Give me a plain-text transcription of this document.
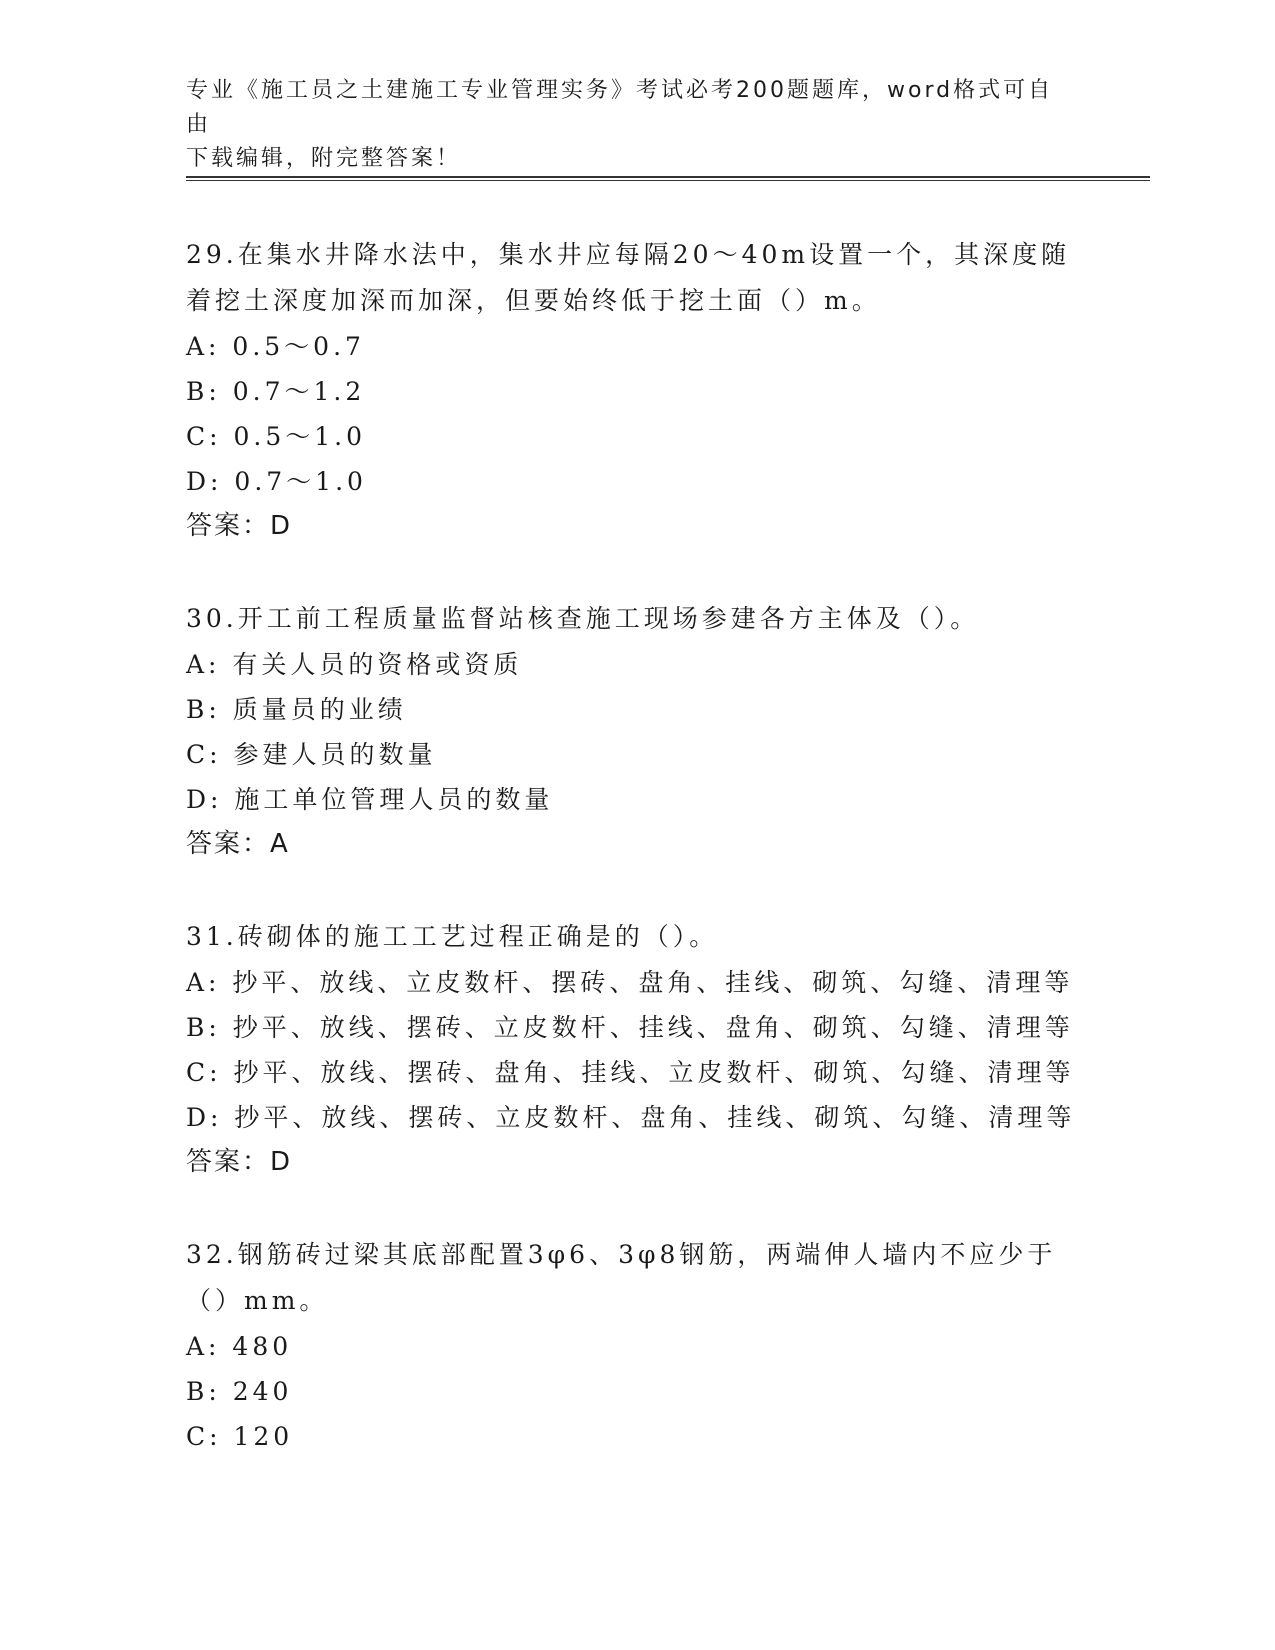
专业《施工员之土建施工专业管理实务》考试必考200题题库，word格式可自由
下载编辑，附完整答案！

29.在集水井降水法中，集水井应每隔20～40m设置一个，其深度随着挖土深度加深而加深，但要始终低于挖土面（）m。

A: 0.5～0.7

B: 0.7～1.2

C: 0.5～1.0

D: 0.7～1.0

答案：D

30.开工前工程质量监督站核查施工现场参建各方主体及（）。

A: 有关人员的资格或资质

B: 质量员的业绩

C: 参建人员的数量

D: 施工单位管理人员的数量

答案：A

31.砖砌体的施工工艺过程正确是的（）。

A: 抄平、放线、立皮数杆、摆砖、盘角、挂线、砌筑、勾缝、清理等

B: 抄平、放线、摆砖、立皮数杆、挂线、盘角、砌筑、勾缝、清理等

C: 抄平、放线、摆砖、盘角、挂线、立皮数杆、砌筑、勾缝、清理等

D: 抄平、放线、摆砖、立皮数杆、盘角、挂线、砌筑、勾缝、清理等

答案：D

32.钢筋砖过梁其底部配置3φ6、3φ8钢筋，两端伸人墙内不应少于（）mm。

A: 480

B: 240

C: 120
